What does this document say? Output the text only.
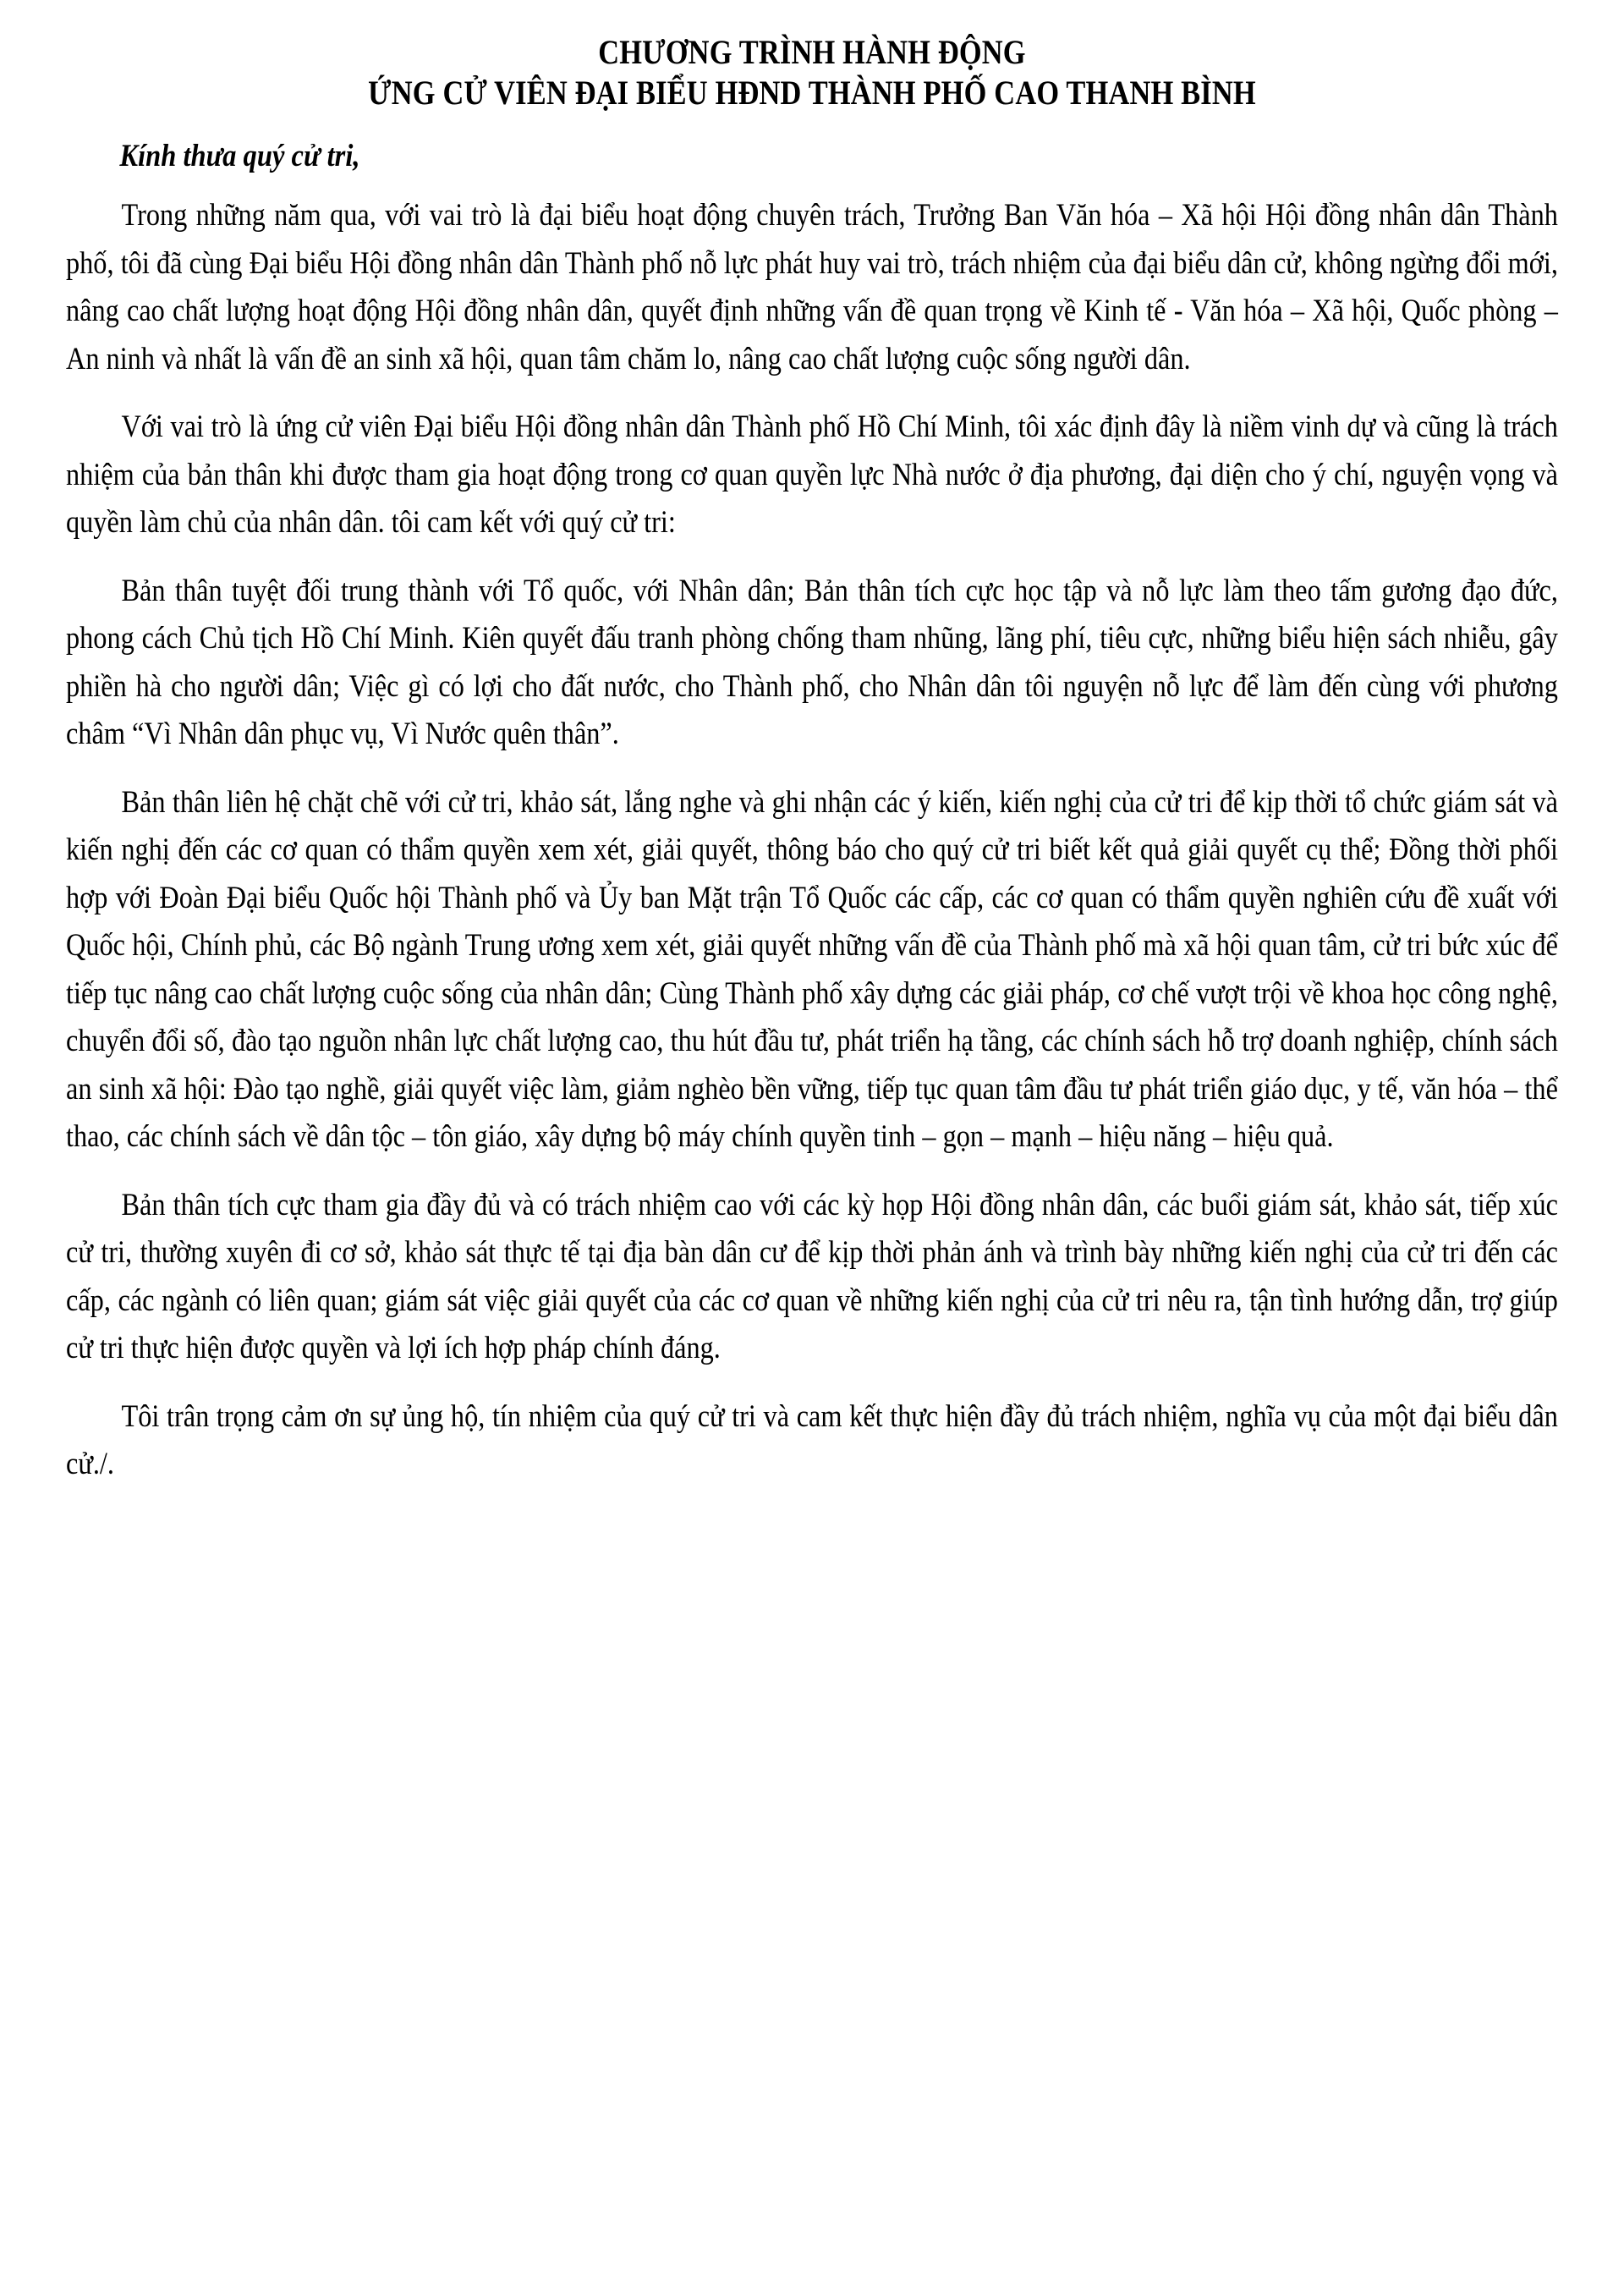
CHƯƠNG TRÌNH HÀNH ĐỘNG
ỨNG CỬ VIÊN ĐẠI BIỂU HĐND THÀNH PHỐ CAO THANH BÌNH
Kính thưa quý cử tri,

Trong những năm qua, với vai trò là đại biểu hoạt động chuyên trách, Trưởng Ban Văn hóa – Xã hội Hội đồng nhân dân Thành phố, tôi đã cùng Đại biểu Hội đồng nhân dân Thành phố nỗ lực phát huy vai trò, trách nhiệm của đại biểu dân cử, không ngừng đổi mới, nâng cao chất lượng hoạt động Hội đồng nhân dân, quyết định những vấn đề quan trọng về Kinh tế - Văn hóa – Xã hội, Quốc phòng – An ninh và nhất là vấn đề an sinh xã hội, quan tâm chăm lo, nâng cao chất lượng cuộc sống người dân.

Với vai trò là ứng cử viên Đại biểu Hội đồng nhân dân Thành phố Hồ Chí Minh, tôi xác định đây là niềm vinh dự và cũng là trách nhiệm của bản thân khi được tham gia hoạt động trong cơ quan quyền lực Nhà nước ở địa phương, đại diện cho ý chí, nguyện vọng và quyền làm chủ của nhân dân. tôi cam kết với quý cử tri:

Bản thân tuyệt đối trung thành với Tổ quốc, với Nhân dân; Bản thân tích cực học tập và nỗ lực làm theo tấm gương đạo đức, phong cách Chủ tịch Hồ Chí Minh. Kiên quyết đấu tranh phòng chống tham nhũng, lãng phí, tiêu cực, những biểu hiện sách nhiễu, gây phiền hà cho người dân; Việc gì có lợi cho đất nước, cho Thành phố, cho Nhân dân tôi nguyện nỗ lực để làm đến cùng với phương châm “Vì Nhân dân phục vụ, Vì Nước quên thân”.

Bản thân liên hệ chặt chẽ với cử tri, khảo sát, lắng nghe và ghi nhận các ý kiến, kiến nghị của cử tri để kịp thời tổ chức giám sát và kiến nghị đến các cơ quan có thẩm quyền xem xét, giải quyết, thông báo cho quý cử tri biết kết quả giải quyết cụ thể; Đồng thời phối hợp với Đoàn Đại biểu Quốc hội Thành phố và Ủy ban Mặt trận Tổ Quốc các cấp, các cơ quan có thẩm quyền nghiên cứu đề xuất với Quốc hội, Chính phủ, các Bộ ngành Trung ương xem xét, giải quyết những vấn đề của Thành phố mà xã hội quan tâm, cử tri bức xúc để tiếp tục nâng cao chất lượng cuộc sống của nhân dân; Cùng Thành phố xây dựng các giải pháp, cơ chế vượt trội về khoa học công nghệ, chuyển đổi số, đào tạo nguồn nhân lực chất lượng cao, thu hút đầu tư, phát triển hạ tầng, các chính sách hỗ trợ doanh nghiệp, chính sách an sinh xã hội: Đào tạo nghề, giải quyết việc làm, giảm nghèo bền vững, tiếp tục quan tâm đầu tư phát triển giáo dục, y tế, văn hóa – thể thao, các chính sách về dân tộc – tôn giáo, xây dựng bộ máy chính quyền tinh – gọn – mạnh – hiệu năng – hiệu quả.

Bản thân tích cực tham gia đầy đủ và có trách nhiệm cao với các kỳ họp Hội đồng nhân dân, các buổi giám sát, khảo sát, tiếp xúc cử tri, thường xuyên đi cơ sở, khảo sát thực tế tại địa bàn dân cư để kịp thời phản ánh và trình bày những kiến nghị của cử tri đến các cấp, các ngành có liên quan; giám sát việc giải quyết của các cơ quan về những kiến nghị của cử tri nêu ra, tận tình hướng dẫn, trợ giúp cử tri thực hiện được quyền và lợi ích hợp pháp chính đáng.

Tôi trân trọng cảm ơn sự ủng hộ, tín nhiệm của quý cử tri và cam kết thực hiện đầy đủ trách nhiệm, nghĩa vụ của một đại biểu dân cử./.
